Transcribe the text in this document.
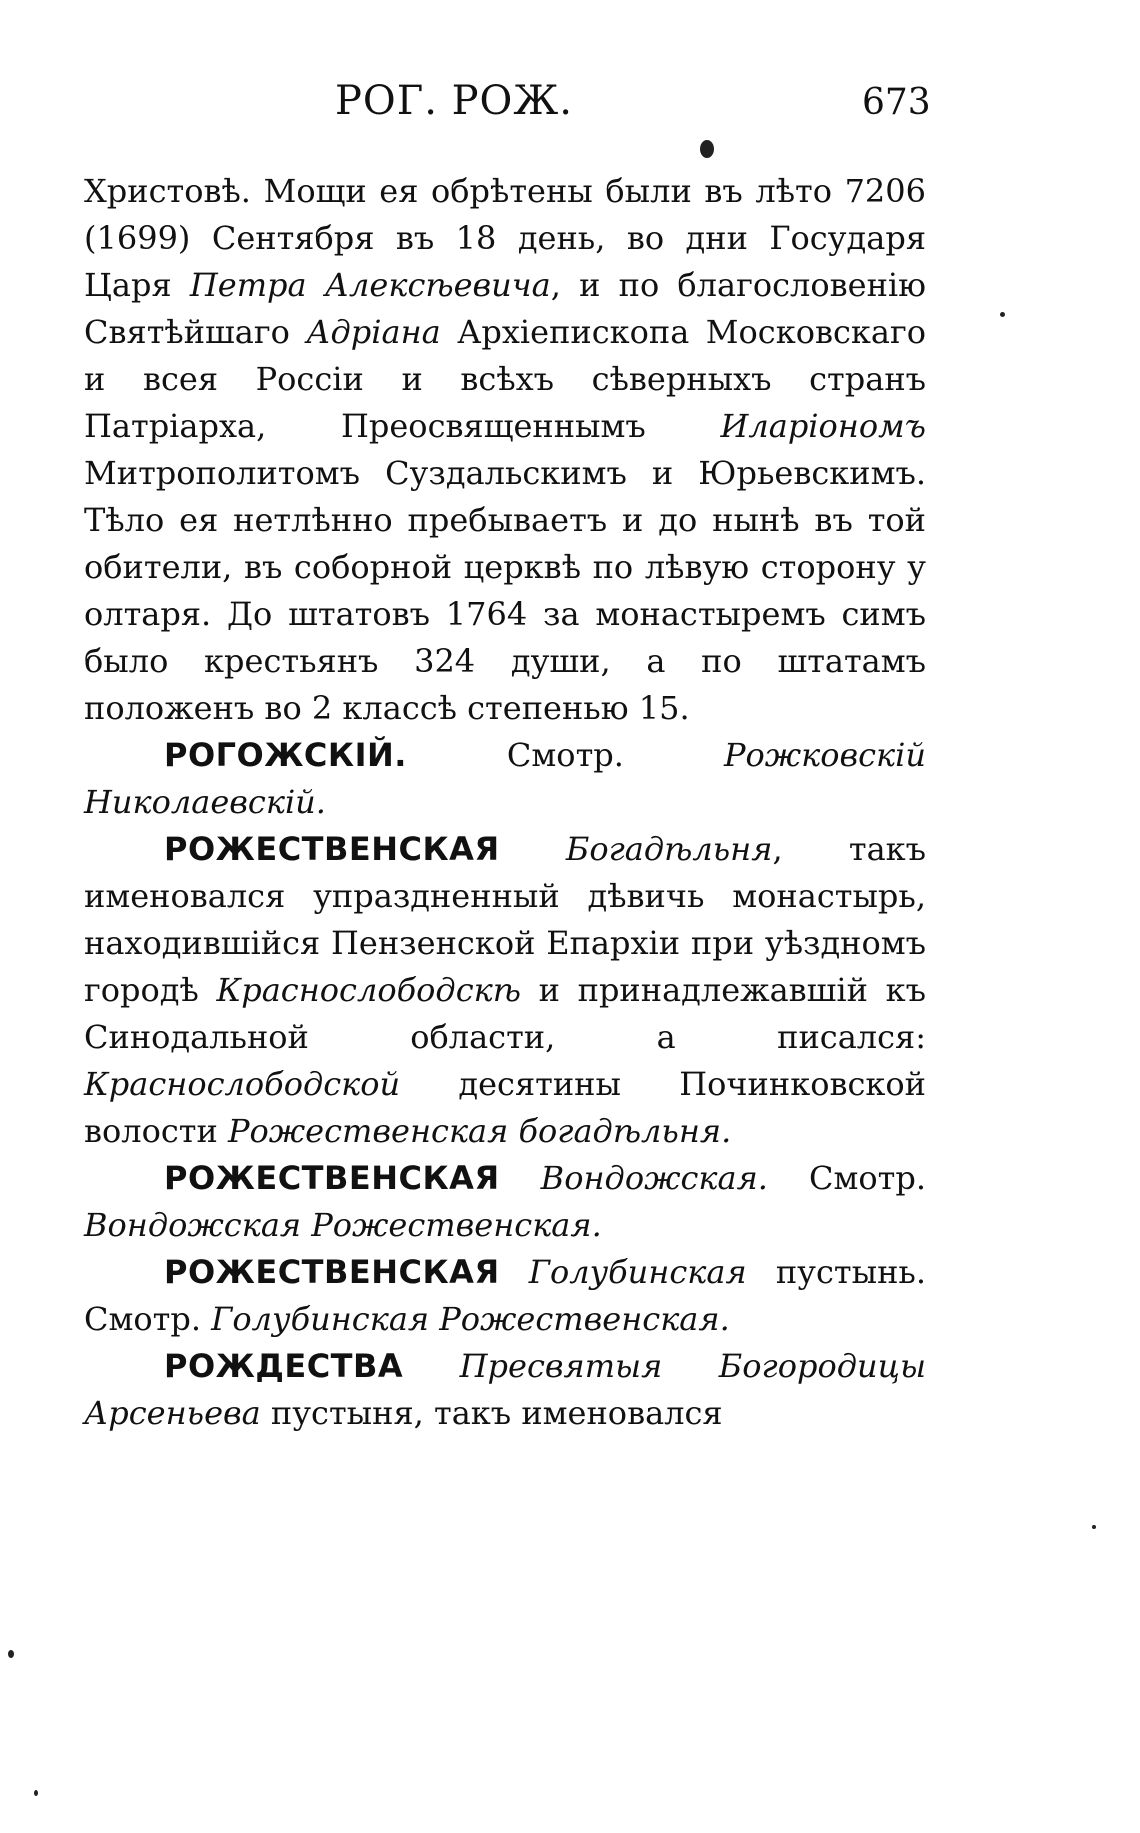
РОГ. РОЖ.	673

Христовѣ. Мощи ея обрѣтены были въ лѣто 7206 (1699) Сентября въ 18 день, во дни Государя Царя Петра Алексѣевича, и по благословенію Святѣйшаго Адріана Архіепископа Московскаго и всея Россіи и всѣхъ сѣверныхъ странъ Патріарха, Преосвященнымъ Иларіономъ Митрополитомъ Суздальскимъ и Юрьевскимъ. Тѣло ея нетлѣнно пребываетъ и до нынѣ въ той обители, въ соборной церквѣ по лѣвую сторону у олтаря. До штатовъ 1764 за монастыремъ симъ было крестьянъ 324 души, а по штатамъ положенъ во 2 классѣ степенью 15.

РОГОЖСКІЙ. Смотр. Рожковскій Николаевскій.

РОЖЕСТВЕНСКАЯ Богадѣльня, такъ именовался упраздненный дѣвичь монастырь, находившійся Пензенской Епархіи при уѣздномъ городѣ Краснослободскѣ и принадлежавшій къ Синодальной области, а писался: Краснослободской десятины Починковской волости Рожественская богадѣльня.

РОЖЕСТВЕНСКАЯ Вондожская. Смотр. Вондожская Рожественская.

РОЖЕСТВЕНСКАЯ Голубинская пустынь. Смотр. Голубинская Рожественская.

РОЖДЕСТВА Пресвятыя Богородицы Арсеньева пустыня, такъ именовался
